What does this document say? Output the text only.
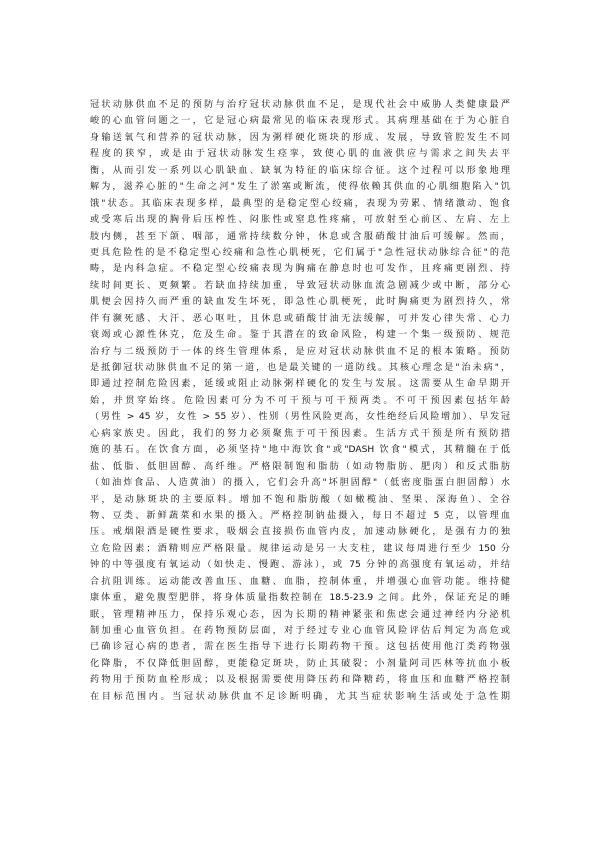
冠状动脉供血不足的预防与治疗冠状动脉供血不足，是现代社会中威胁人类健康最严
峻的心血管问题之一，它是冠心病最常见的临床表现形式。其病理基础在于为心脏自
身输送氧气和营养的冠状动脉，因为粥样硬化斑块的形成、发展，导致管腔发生不同
程度的狭窄，或是由于冠状动脉发生痉挛，致使心肌的血液供应与需求之间失去平
衡，从而引发一系列以心肌缺血、缺氧为特征的临床综合征。这个过程可以形象地理
解为，滋养心脏的"生命之河"发生了淤塞或断流，使得依赖其供血的心肌细胞陷入"饥
饿"状态。其临床表现多样，最典型的是稳定型心绞痛，表现为劳累、情绪激动、饱食
或受寒后出现的胸骨后压榨性、闷胀性或窒息性疼痛，可放射至心前区、左肩、左上
肢内侧，甚至下颌、咽部，通常持续数分钟，休息或含服硝酸甘油后可缓解。然而，
更具危险性的是不稳定型心绞痛和急性心肌梗死，它们属于"急性冠状动脉综合征"的范
畴，是内科急症。不稳定型心绞痛表现为胸痛在静息时也可发作，且疼痛更剧烈、持
续时间更长、更频繁。若缺血持续加重，导致冠状动脉血流急剧减少或中断，部分心
肌便会因持久而严重的缺血发生坏死，即急性心肌梗死，此时胸痛更为剧烈持久，常
伴有濒死感、大汗、恶心呕吐，且休息或硝酸甘油无法缓解，可并发心律失常、心力
衰竭或心源性休克，危及生命。鉴于其潜在的致命风险，构建一个集一级预防、规范
治疗与二级预防于一体的终生管理体系，是应对冠状动脉供血不足的根本策略。预防
是抵御冠状动脉供血不足的第一道，也是最关键的一道防线。其核心理念是"治未病"，
即通过控制危险因素，延缓或阻止动脉粥样硬化的发生与发展。这需要从生命早期开
始，并贯穿始终。危险因素可分为不可干预与可干预两类。不可干预因素包括年龄
（男性 > 45 岁，女性 > 55 岁）、性别（男性风险更高，女性绝经后风险增加）、早发冠
心病家族史。因此，我们的努力必须聚焦于可干预因素。生活方式干预是所有预防措
施的基石。在饮食方面，必须坚持"地中海饮食"或"DASH 饮食"模式，其精髓在于低
盐、低脂、低胆固醇、高纤维。严格限制饱和脂肪（如动物脂肪、肥肉）和反式脂肪
（如油炸食品、人造黄油）的摄入，它们会升高"坏胆固醇"（低密度脂蛋白胆固醇）水
平，是动脉斑块的主要原料。增加不饱和脂肪酸（如橄榄油、坚果、深海鱼）、全谷
物、豆类、新鲜蔬菜和水果的摄入。严格控制钠盐摄入，每日不超过 5 克，以管理血
压。戒烟限酒是硬性要求，吸烟会直接损伤血管内皮，加速动脉硬化，是强有力的独
立危险因素；酒精则应严格限量。规律运动是另一大支柱，建议每周进行至少 150 分
钟的中等强度有氧运动（如快走、慢跑、游泳），或 75 分钟的高强度有氧运动，并结
合抗阻训练。运动能改善血压、血糖、血脂，控制体重，并增强心血管功能。维持健
康体重，避免腹型肥胖，将身体质量指数控制在 18.5-23.9 之间。此外，保证充足的睡
眠，管理精神压力，保持乐观心态，因为长期的精神紧张和焦虑会通过神经内分泌机
制加重心血管负担。在药物预防层面，对于经过专业心血管风险评估后判定为高危或
已确诊冠心病的患者，需在医生指导下进行长期药物干预。这包括使用他汀类药物强
化降脂，不仅降低胆固醇，更能稳定斑块，防止其破裂；小剂量阿司匹林等抗血小板
药物用于预防血栓形成；以及根据需要使用降压药和降糖药，将血压和血糖严格控制
在目标范围内。当冠状动脉供血不足诊断明确，尤其当症状影响生活或处于急性期
